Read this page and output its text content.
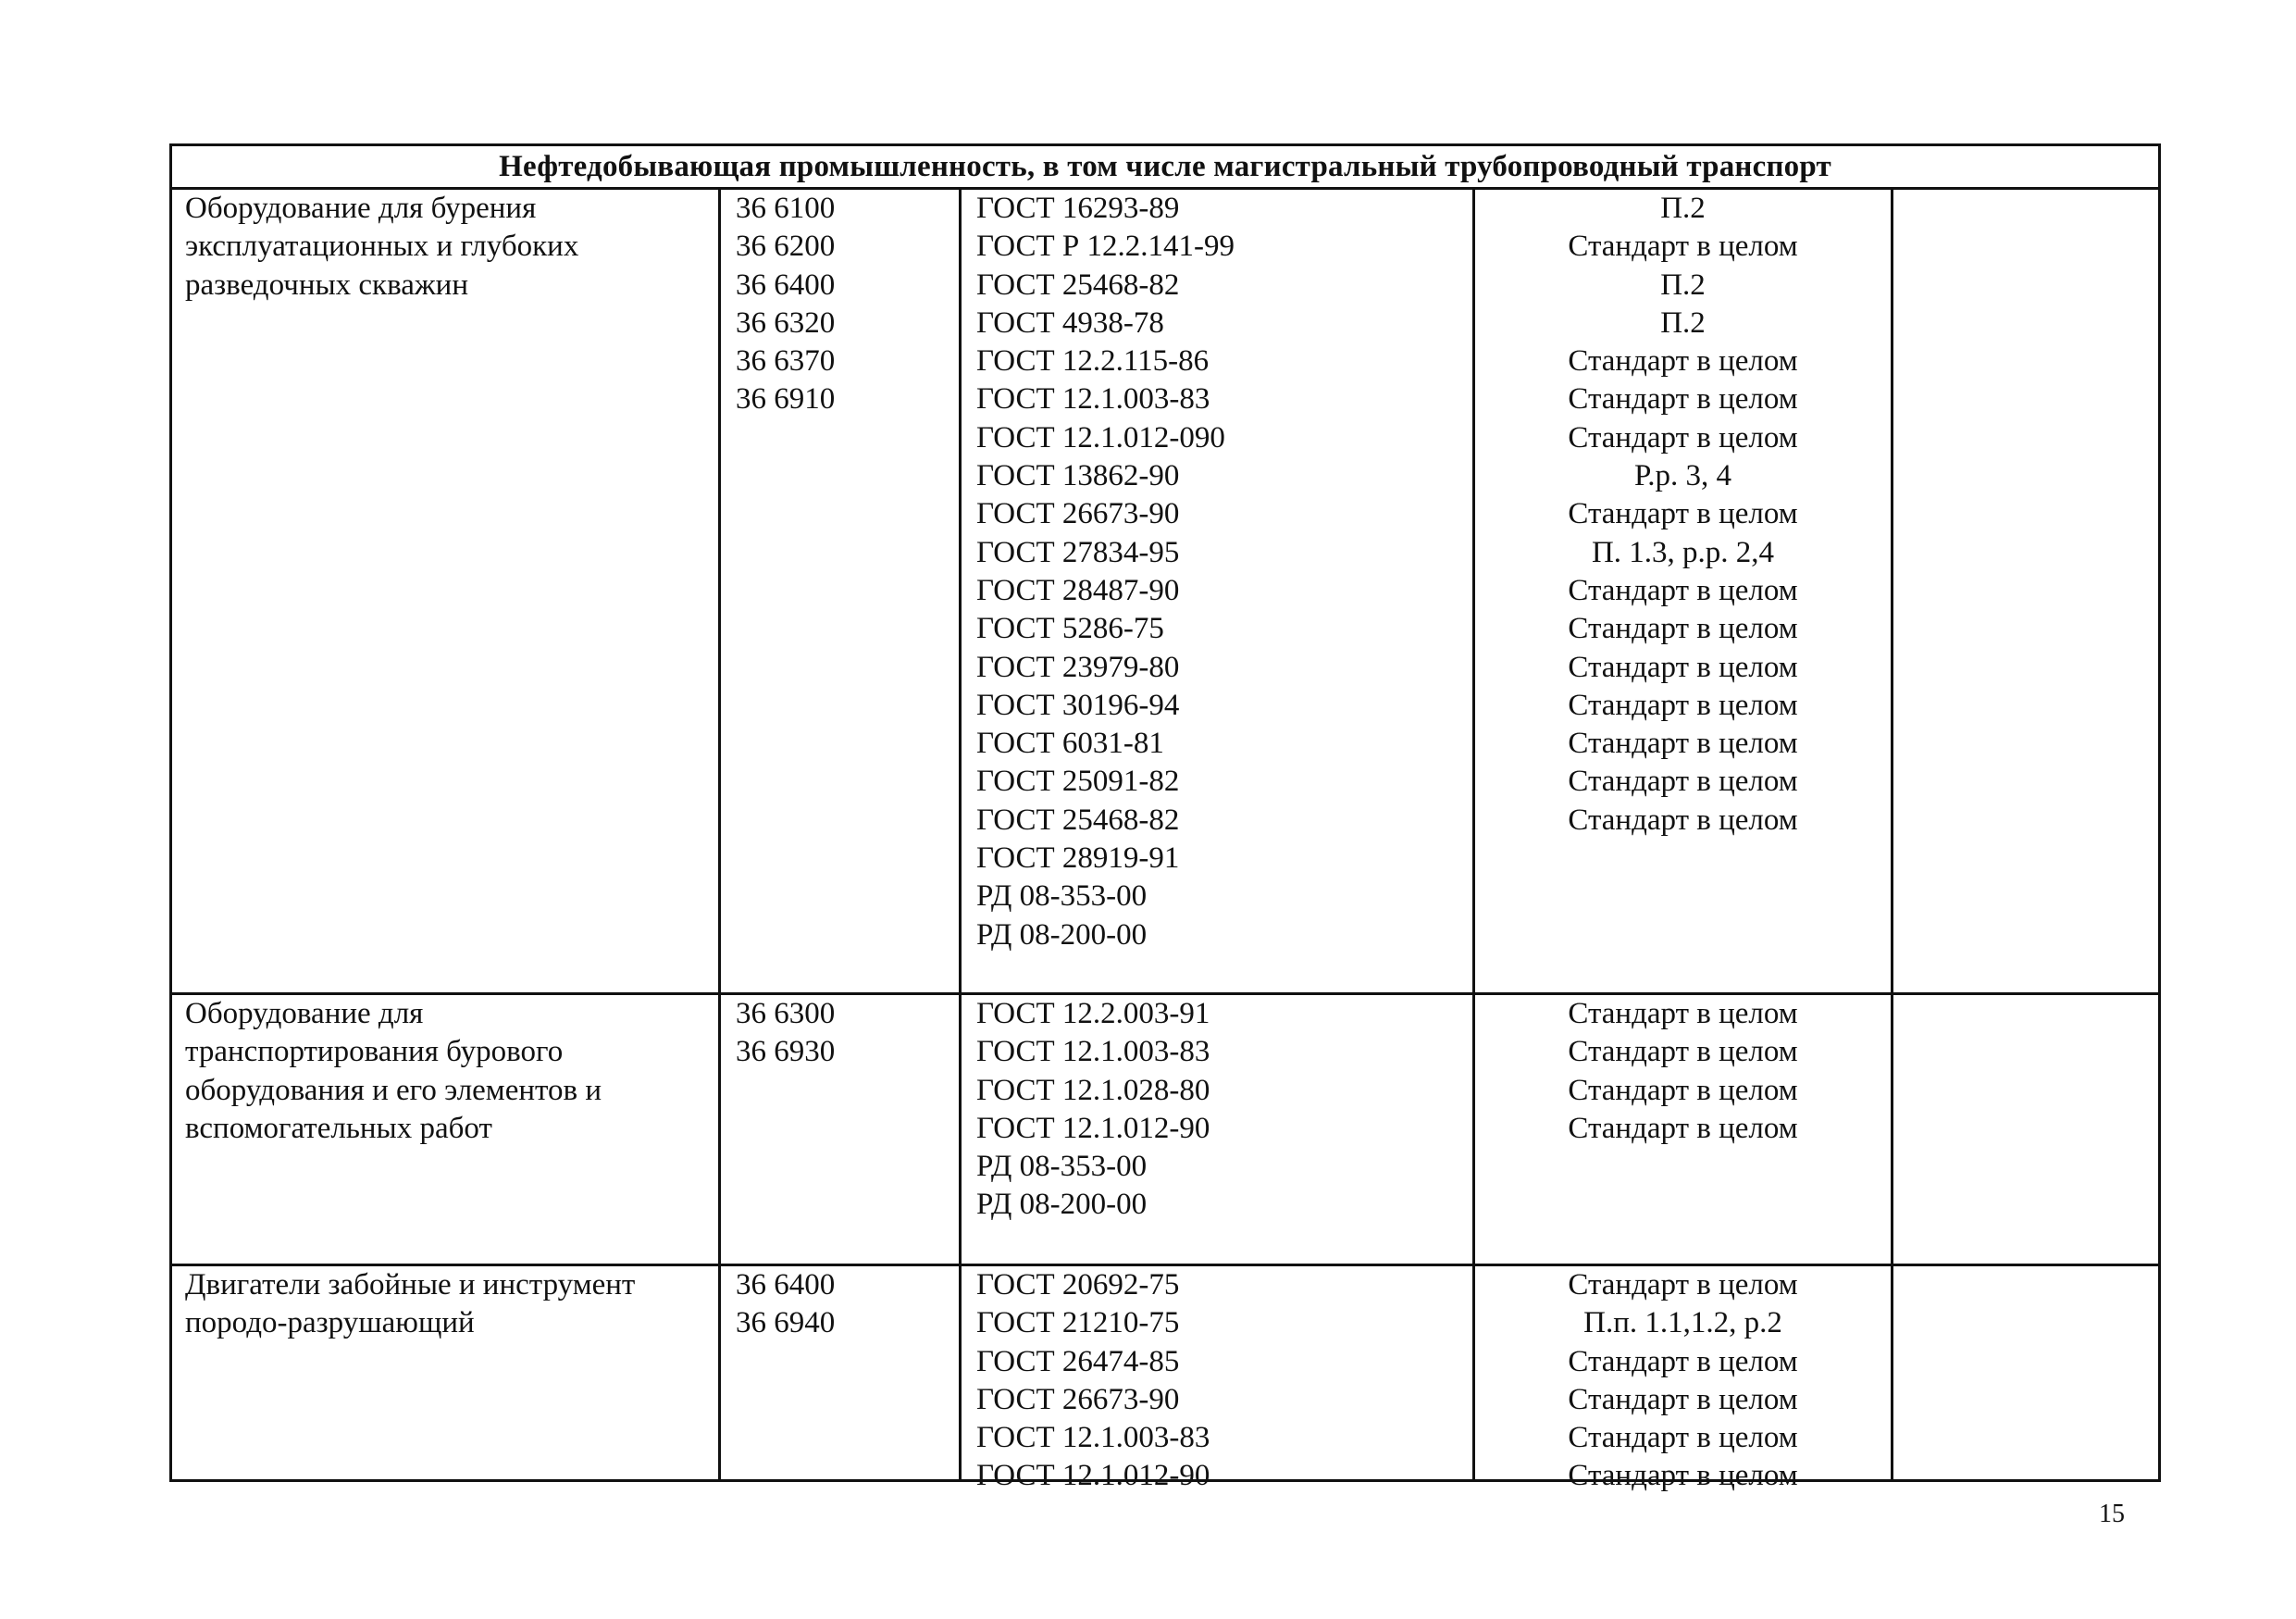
Нефтедобывающая промышленность, в том числе магистральный трубопроводный транспорт
Оборудование для бурения
эксплуатационных и глубоких
разведочных скважин
36 6100
36 6200
36 6400
36 6320
36 6370
36 6910
ГОСТ 16293-89
ГОСТ Р 12.2.141-99
ГОСТ 25468-82
ГОСТ 4938-78
ГОСТ 12.2.115-86
ГОСТ 12.1.003-83
ГОСТ 12.1.012-090
ГОСТ 13862-90
ГОСТ 26673-90
ГОСТ 27834-95
ГОСТ 28487-90
ГОСТ 5286-75
ГОСТ 23979-80
ГОСТ 30196-94
ГОСТ 6031-81
ГОСТ 25091-82
ГОСТ 25468-82
ГОСТ 28919-91
РД 08-353-00
РД 08-200-00
П.2
Стандарт в целом
П.2
П.2
Стандарт в целом
Стандарт в целом
Стандарт в целом
Р.р. 3, 4
Стандарт в целом
П. 1.3, р.р. 2,4
Стандарт в целом
Стандарт в целом
Стандарт в целом
Стандарт в целом
Стандарт в целом
Стандарт в целом
Стандарт в целом
Оборудование для
транспортирования бурового
оборудования и его элементов и
вспомогательных работ
36 6300
36 6930
ГОСТ 12.2.003-91
ГОСТ 12.1.003-83
ГОСТ 12.1.028-80
ГОСТ 12.1.012-90
РД 08-353-00
РД 08-200-00
Стандарт в целом
Стандарт в целом
Стандарт в целом
Стандарт в целом
Двигатели забойные и инструмент
породо-разрушающий
36 6400
36 6940
ГОСТ 20692-75
ГОСТ 21210-75
ГОСТ 26474-85
ГОСТ 26673-90
ГОСТ 12.1.003-83
ГОСТ 12.1.012-90
Стандарт в целом
П.п. 1.1,1.2, р.2
Стандарт в целом
Стандарт в целом
Стандарт в целом
Стандарт в целом
15
